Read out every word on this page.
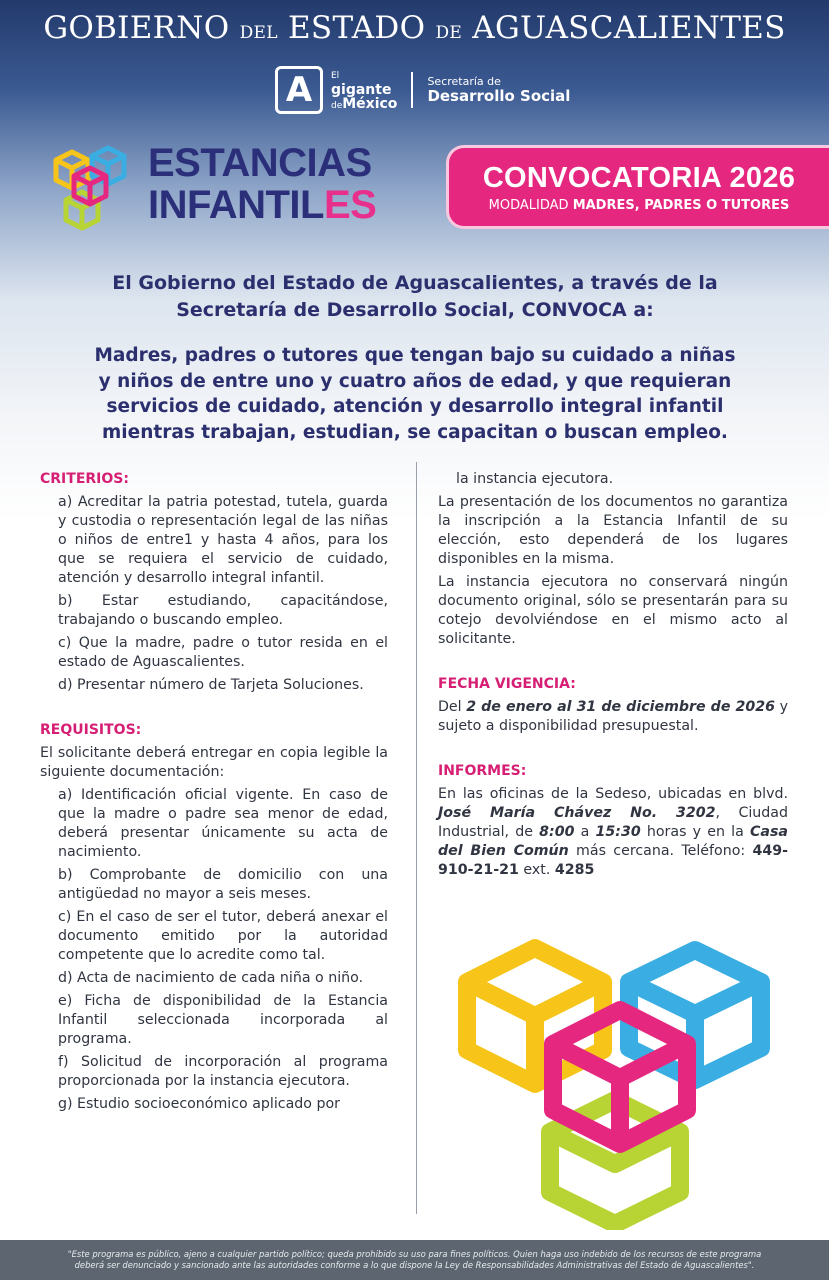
GOBIERNO DEL ESTADO DE AGUASCALIENTES
A	El
gigante
deMéxico
Secretaría de
Desarrollo Social
ESTANCIAS
INFANTILES
CONVOCATORIA 2026
MODALIDAD MADRES, PADRES O TUTORES
El Gobierno del Estado de Aguascalientes, a través de la
Secretaría de Desarrollo Social, CONVOCA a:
Madres, padres o tutores que tengan bajo su cuidado a niñas
y niños de entre uno y cuatro años de edad, y que requieran
servicios de cuidado, atención y desarrollo integral infantil
mientras trabajan, estudian, se capacitan o buscan empleo.
CRITERIOS:
a) Acreditar la patria potestad, tutela, guarda y custodia o representación legal de las niñas o niños de entre1 y hasta 4 años, para los que se requiera el servicio de cuidado, atención y desarrollo integral infantil.
b) Estar estudiando, capacitándose, trabajando o buscando empleo.
c) Que la madre, padre o tutor resida en el estado de Aguascalientes.
d) Presentar número de Tarjeta Soluciones.
REQUISITOS:
El solicitante deberá entregar en copia legible la siguiente documentación:
a) Identificación oficial vigente. En caso de que la madre o padre sea menor de edad, deberá presentar únicamente su acta de nacimiento.
b) Comprobante de domicilio con una antigüedad no mayor a seis meses.
c) En el caso de ser el tutor, deberá anexar el documento emitido por la autoridad competente que lo acredite como tal.
d) Acta de nacimiento de cada niña o niño.
e) Ficha de disponibilidad de la Estancia Infantil seleccionada incorporada al programa.
f) Solicitud de incorporación al programa proporcionada por la instancia ejecutora.
g) Estudio socioeconómico aplicado por
la instancia ejecutora.
La presentación de los documentos no garantiza la inscripción a la Estancia Infantil de su elección, esto dependerá de los lugares disponibles en la misma.
La instancia ejecutora no conservará ningún documento original, sólo se presentarán para su cotejo devolviéndose en el mismo acto al solicitante.
FECHA VIGENCIA:
Del 2 de enero al 31 de diciembre de 2026 y sujeto a disponibilidad presupuestal.
INFORMES:
En las oficinas de la Sedeso, ubicadas en blvd. José María Chávez No. 3202, Ciudad Industrial, de 8:00 a 15:30 horas y en la Casa del Bien Común más cercana. Teléfono: 449-910-21-21 ext. 4285
"Este programa es público, ajeno a cualquier partido político; queda prohibido su uso para fines políticos. Quien haga uso indebido de los recursos de este programa
deberá ser denunciado y sancionado ante las autoridades conforme a lo que dispone la Ley de Responsabilidades Administrativas del Estado de Aguascalientes".
